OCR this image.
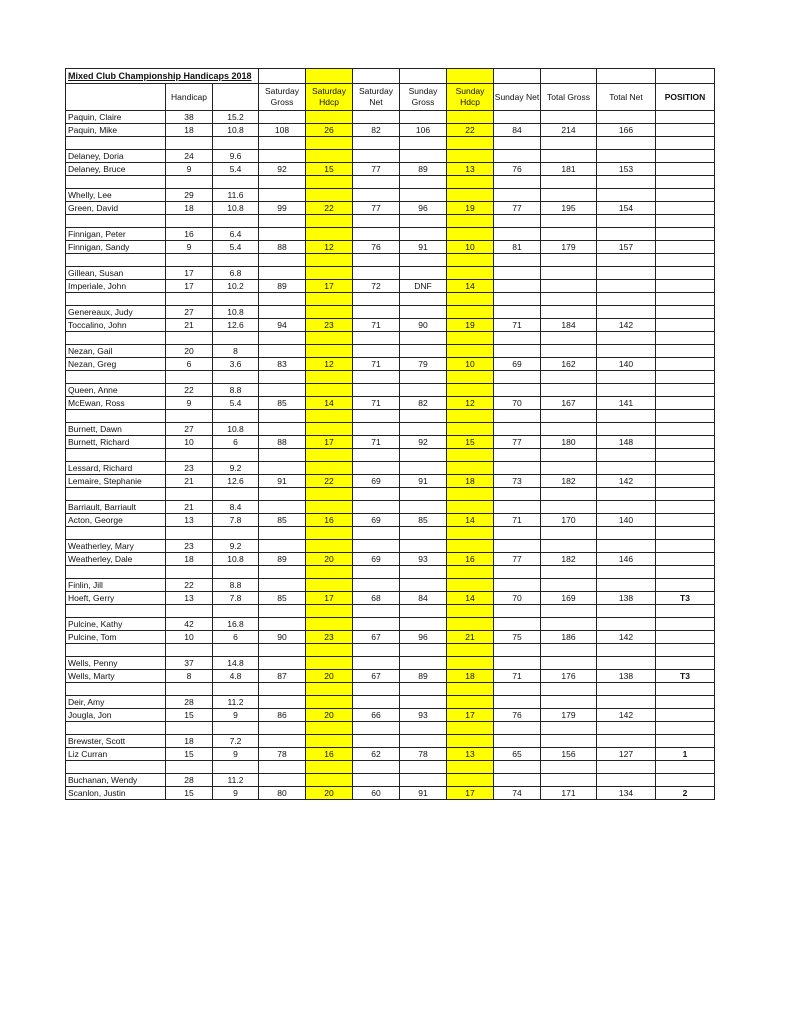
Mixed Club Championship Handicaps 2018											
	Handicap		Saturday Gross	Saturday Hdcp	Saturday Net	Sunday Gross	Sunday Hdcp	Sunday Net	Total Gross	Total Net	POSITION
Paquin, Claire	38	15.2									
Paquin, Mike	18	10.8	108	26	82	106	22	84	214	166	

Delaney, Doria	24	9.6									
Delaney, Bruce	9	5.4	92	15	77	89	13	76	181	153	

Whelly, Lee	29	11.6									
Green, David	18	10.8	99	22	77	96	19	77	195	154	

Finnigan, Peter	16	6.4									
Finnigan, Sandy	9	5.4	88	12	76	91	10	81	179	157	

Gillean, Susan	17	6.8									
Imperiale, John	17	10.2	89	17	72	DNF	14				

Genereaux, Judy	27	10.8									
Toccalino, John	21	12.6	94	23	71	90	19	71	184	142	

Nezan, Gail	20	8									
Nezan, Greg	6	3.6	83	12	71	79	10	69	162	140	

Queen, Anne	22	8.8									
McEwan, Ross	9	5.4	85	14	71	82	12	70	167	141	

Burnett, Dawn	27	10.8									
Burnett, Richard	10	6	88	17	71	92	15	77	180	148	

Lessard, Richard	23	9.2									
Lemaire, Stephanie	21	12.6	91	22	69	91	18	73	182	142	

Barriault, Barriault	21	8.4									
Acton, George	13	7.8	85	16	69	85	14	71	170	140	

Weatherley, Mary	23	9.2									
Weatherley, Dale	18	10.8	89	20	69	93	16	77	182	146	

Finlin, Jill	22	8.8									
Hoeft, Gerry	13	7.8	85	17	68	84	14	70	169	138	T3

Pulcine, Kathy	42	16.8									
Pulcine, Tom	10	6	90	23	67	96	21	75	186	142	

Wells, Penny	37	14.8									
Wells, Marty	8	4.8	87	20	67	89	18	71	176	138	T3

Deir, Amy	28	11.2									
Jougla, Jon	15	9	86	20	66	93	17	76	179	142	

Brewster, Scott	18	7.2									
Liz Curran	15	9	78	16	62	78	13	65	156	127	1

Buchanan, Wendy	28	11.2									
Scanlon, Justin	15	9	80	20	60	91	17	74	171	134	2
